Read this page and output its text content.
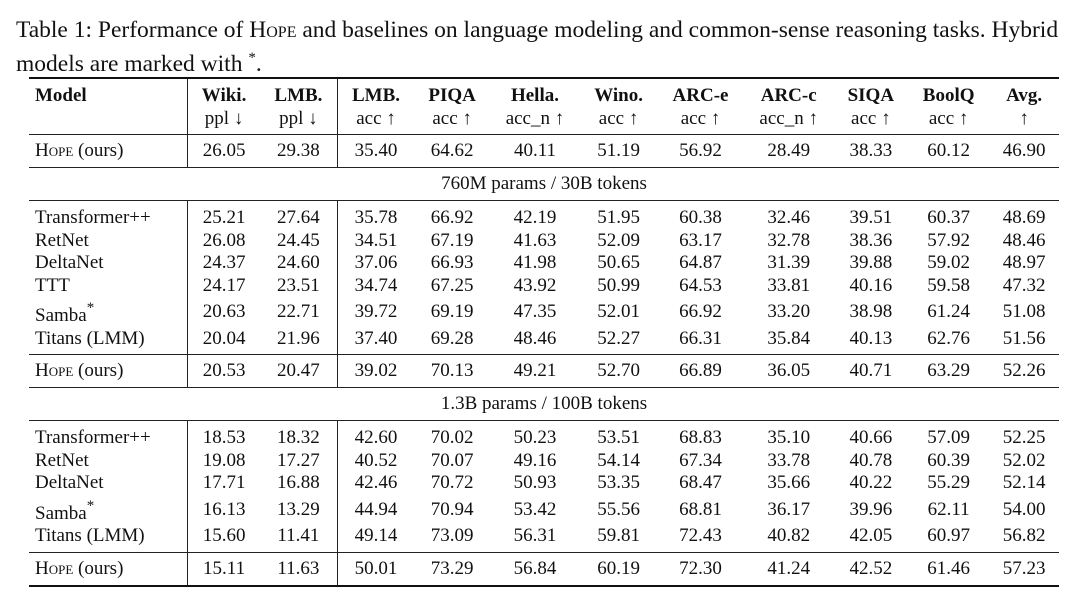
Table 1: Performance of Hope and baselines on language modeling and common-sense reasoning tasks. Hybrid models are marked with *.
Model	Wiki.	LMB.	LMB.	PIQA	Hella.	Wino.	ARC-e	ARC-c	SIQA	BoolQ	Avg.
	ppl ↓	ppl ↓	acc ↑	acc ↑	acc_n ↑	acc ↑	acc ↑	acc_n ↑	acc ↑	acc ↑	↑
Hope (ours)	26.05	29.38	35.40	64.62	40.11	51.19	56.92	28.49	38.33	60.12	46.90
760M params / 30B tokens											
Transformer++	25.21	27.64	35.78	66.92	42.19	51.95	60.38	32.46	39.51	60.37	48.69
RetNet	26.08	24.45	34.51	67.19	41.63	52.09	63.17	32.78	38.36	57.92	48.46
DeltaNet	24.37	24.60	37.06	66.93	41.98	50.65	64.87	31.39	39.88	59.02	48.97
TTT	24.17	23.51	34.74	67.25	43.92	50.99	64.53	33.81	40.16	59.58	47.32
Samba*	20.63	22.71	39.72	69.19	47.35	52.01	66.92	33.20	38.98	61.24	51.08
Titans (LMM)	20.04	21.96	37.40	69.28	48.46	52.27	66.31	35.84	40.13	62.76	51.56
Hope (ours)	20.53	20.47	39.02	70.13	49.21	52.70	66.89	36.05	40.71	63.29	52.26
1.3B params / 100B tokens											
Transformer++	18.53	18.32	42.60	70.02	50.23	53.51	68.83	35.10	40.66	57.09	52.25
RetNet	19.08	17.27	40.52	70.07	49.16	54.14	67.34	33.78	40.78	60.39	52.02
DeltaNet	17.71	16.88	42.46	70.72	50.93	53.35	68.47	35.66	40.22	55.29	52.14
Samba*	16.13	13.29	44.94	70.94	53.42	55.56	68.81	36.17	39.96	62.11	54.00
Titans (LMM)	15.60	11.41	49.14	73.09	56.31	59.81	72.43	40.82	42.05	60.97	56.82
Hope (ours)	15.11	11.63	50.01	73.29	56.84	60.19	72.30	41.24	42.52	61.46	57.23
